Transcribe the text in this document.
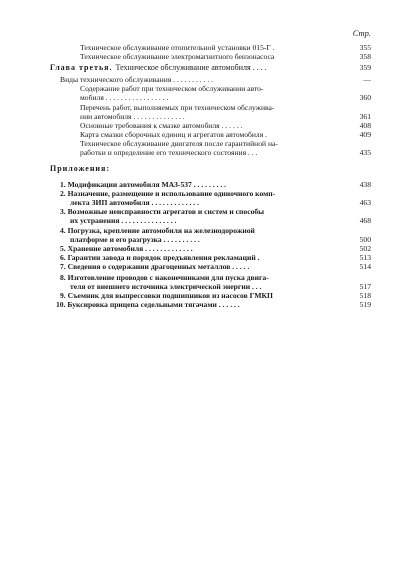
Стр.
Техническое обслуживание отопительной установки 015-Г .	355
Техническое обслуживание электромагнитного бензонасоса	358
Глава третья. Техническое обслуживание автомобиля . . . .	359
Виды технического обслуживания . . . . . . . . . . .	—
Содержание работ при техническом обслуживании авто-
мобиля . . . . . . . . . . . . . . . . .	360
Перечень работ, выполняемых при техническом обслужива-
нии автомобиля . . . . . . . . . . . . . .	361
Основные требования к смазке автомобиля . . . . . .	408
Карта смазки сборочных единиц и агрегатов автомобиля .	409
Техническое обслуживание двигателя после гарантийной на-
работки и определение его технического состояния . . .	435
Приложения:
1. Модификации автомобиля МАЗ-537 . . . . . . . . .	438
2. Назначение, размещение и использование одиночного комп-
лекта ЗИП автомобиля . . . . . . . . . . . . .	463
3. Возможные неисправности агрегатов и систем и способы
их устранения . . . . . . . . . . . . . . .	468
4. Погрузка, крепление автомобиля на железнодорожной
платформе и его разгрузка . . . . . . . . . .	500
5. Хранение автомобиля . . . . . . . . . . . . .	502
6. Гарантии завода и порядок предъявления рекламаций .	513
7. Сведения о содержании драгоценных металлов . . . . .	514
8. Изготовление проводов с наконечниками для пуска двига-
теля от внешнего источника электрической энергии . . .	517
9. Съемник для выпрессовки подшипников из насосов ГМКП	518
10. Буксировка прицепа седельными тягачами . . . . . .	519
